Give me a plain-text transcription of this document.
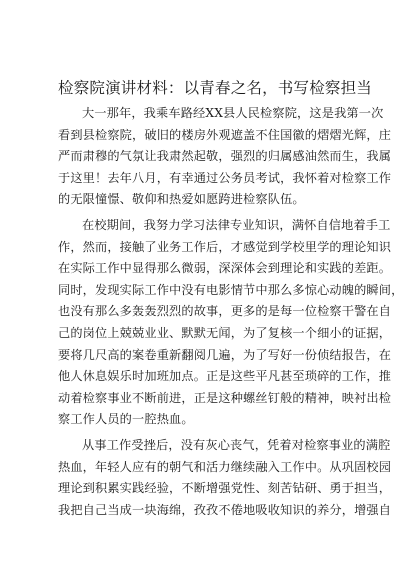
检察院演讲材料：以青春之名，书写检察担当
大一那年，我乘车路经XX县人民检察院，这是我第一次
看到县检察院，破旧的楼房外观遮盖不住国徽的熠熠光辉，庄
严而肃穆的气氛让我肃然起敬，强烈的归属感油然而生，我属
于这里！去年八月，有幸通过公务员考试，我怀着对检察工作
的无限憧憬、敬仰和热爱如愿跨进检察队伍。
在校期间，我努力学习法律专业知识，满怀自信地着手工
作，然而，接触了业务工作后，才感觉到学校里学的理论知识
在实际工作中显得那么微弱，深深体会到理论和实践的差距。
同时，发现实际工作中没有电影情节中那么多惊心动魄的瞬间，
也没有那么多轰轰烈烈的故事，更多的是每一位检察干警在自
己的岗位上兢兢业业、默默无闻，为了复核一个细小的证据，
要将几尺高的案卷重新翻阅几遍，为了写好一份侦结报告，在
他人休息娱乐时加班加点。正是这些平凡甚至琐碎的工作，推
动着检察事业不断前进，正是这种螺丝钉般的精神，映衬出检
察工作人员的一腔热血。
从事工作受挫后，没有灰心丧气，凭着对检察事业的满腔
热血，年轻人应有的朝气和活力继续融入工作中。从巩固校园
理论到积累实践经验，不断增强党性、刻苦钻研、勇于担当，
我把自己当成一块海绵，孜孜不倦地吸收知识的养分，增强自
